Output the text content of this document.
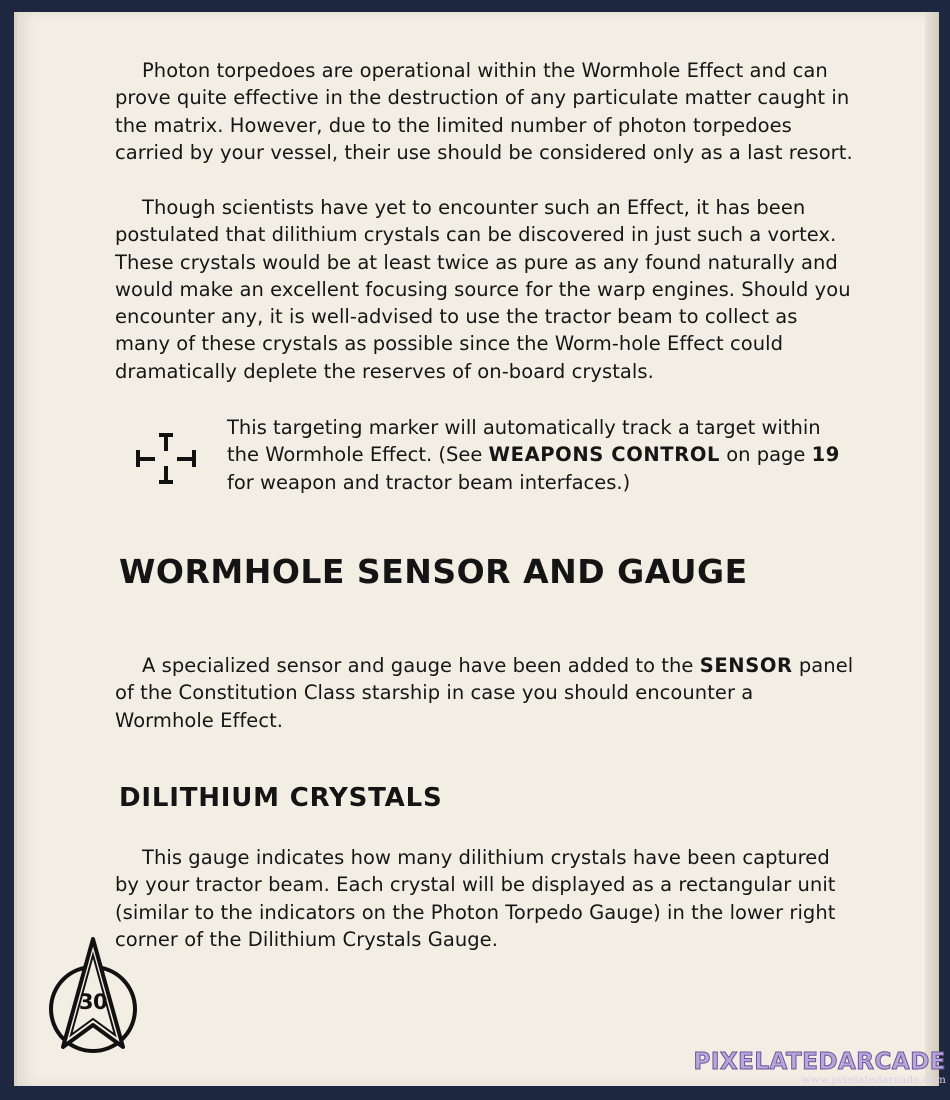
Photon torpedoes are operational within the Wormhole Effect and can prove quite effective in the destruction of any particulate matter caught in the matrix. However, due to the limited number of photon torpedoes carried by your vessel, their use should be considered only as a last resort.

Though scientists have yet to encounter such an Effect, it has been postulated that dilithium crystals can be discovered in just such a vortex. These crystals would be at least twice as pure as any found naturally and would make an excellent focusing source for the warp engines. Should you encounter any, it is well-advised to use the tractor beam to collect as many of these crystals as possible since the Worm-hole Effect could dramatically deplete the reserves of on-board crystals.

This targeting marker will automatically track a target within the Wormhole Effect. (See WEAPONS CONTROL on page 19 for weapon and tractor beam interfaces.)
WORMHOLE SENSOR AND GAUGE

A specialized sensor and gauge have been added to the SENSOR panel of the Constitution Class starship in case you should encounter a Wormhole Effect.

DILITHIUM CRYSTALS

This gauge indicates how many dilithium crystals have been captured by your tractor beam. Each crystal will be displayed as a rectangular unit (similar to the indicators on the Photon Torpedo Gauge) in the lower right corner of the Dilithium Crystals Gauge.

30
PIXELATEDARCADE
www.pixelatedarcade.com
